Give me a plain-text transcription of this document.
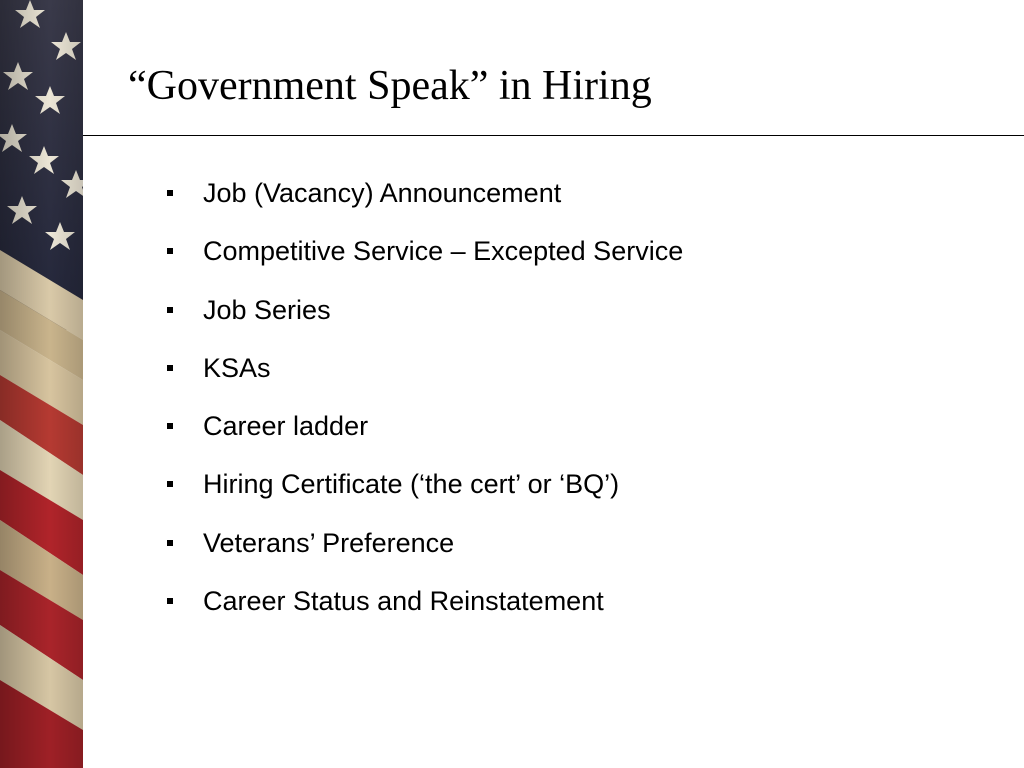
“Government Speak” in Hiring
Job (Vacancy) Announcement
Competitive Service – Excepted Service
Job Series
KSAs
Career ladder
Hiring Certificate (‘the cert’ or ‘BQ’)
Veterans’ Preference
Career Status and Reinstatement
